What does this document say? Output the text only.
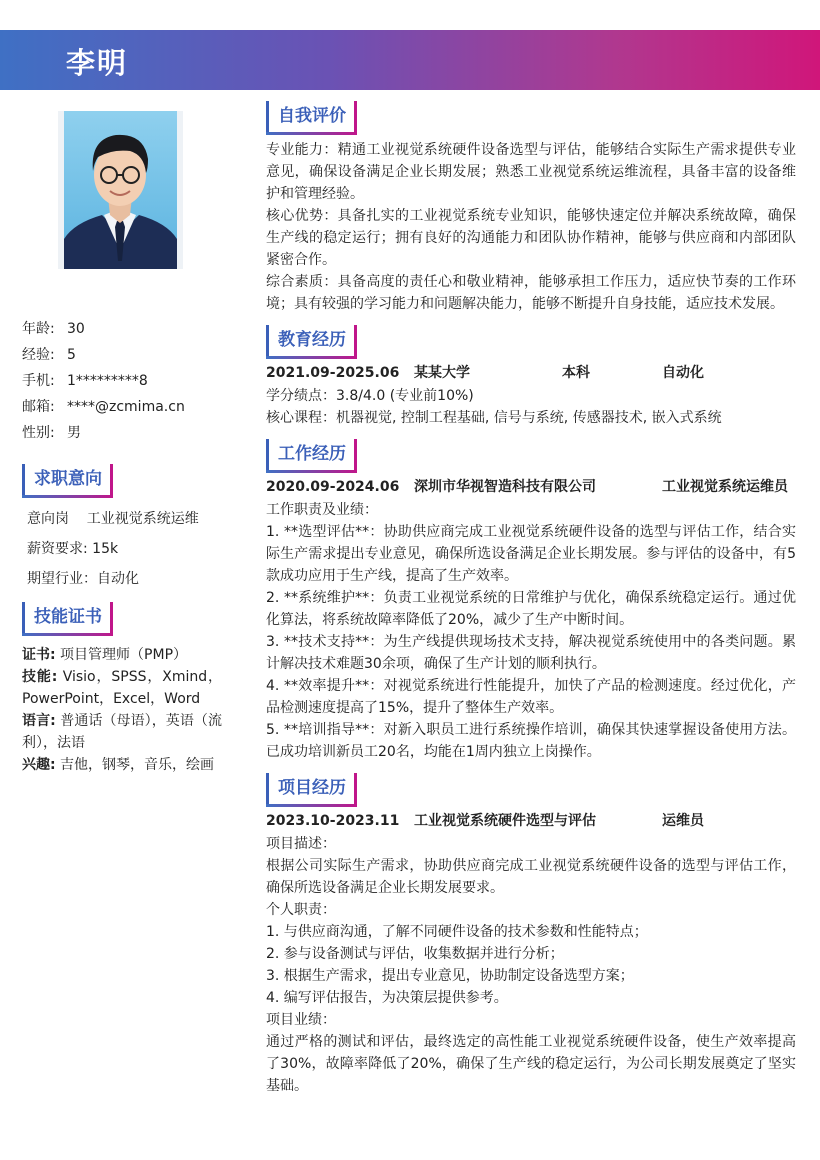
李明
年龄: 30
经验: 5
手机: 1*********8
邮箱: ****@zcmima.cn
性别: 男
求职意向
意向岗    工业视觉系统运维
薪资要求: 15k
期望行业：自动化
技能证书
证书: 项目管理师（PMP）
技能: Visio，SPSS，Xmind，PowerPoint，Excel，Word
语言: 普通话（母语），英语（流利），法语
兴趣: 吉他，钢琴，音乐，绘画
自我评价
专业能力：精通工业视觉系统硬件设备选型与评估，能够结合实际生产需求提供专业意见，确保设备满足企业长期发展；熟悉工业视觉系统运维流程，具备丰富的设备维护和管理经验。
核心优势：具备扎实的工业视觉系统专业知识，能够快速定位并解决系统故障，确保生产线的稳定运行；拥有良好的沟通能力和团队协作精神，能够与供应商和内部团队紧密合作。
综合素质：具备高度的责任心和敬业精神，能够承担工作压力，适应快节奏的工作环境；具有较强的学习能力和问题解决能力，能够不断提升自身技能，适应技术发展。
教育经历
2021.09-2025.06 某某大学	本科	自动化
学分绩点：3.8/4.0 (专业前10%)
核心课程：机器视觉, 控制工程基础, 信号与系统, 传感器技术, 嵌入式系统
工作经历
2020.09-2024.06 深圳市华视智造科技有限公司	工业视觉系统运维员
工作职责及业绩：
1. **选型评估**：协助供应商完成工业视觉系统硬件设备的选型与评估工作，结合实际生产需求提出专业意见，确保所选设备满足企业长期发展。参与评估的设备中，有5款成功应用于生产线，提高了生产效率。
2. **系统维护**：负责工业视觉系统的日常维护与优化，确保系统稳定运行。通过优化算法，将系统故障率降低了20%，减少了生产中断时间。
3. **技术支持**：为生产线提供现场技术支持，解决视觉系统使用中的各类问题。累计解决技术难题30余项，确保了生产计划的顺利执行。
4. **效率提升**：对视觉系统进行性能提升，加快了产品的检测速度。经过优化，产品检测速度提高了15%，提升了整体生产效率。
5. **培训指导**：对新入职员工进行系统操作培训，确保其快速掌握设备使用方法。已成功培训新员工20名，均能在1周内独立上岗操作。
项目经历
2023.10-2023.11 工业视觉系统硬件选型与评估	运维员
项目描述：
根据公司实际生产需求，协助供应商完成工业视觉系统硬件设备的选型与评估工作，确保所选设备满足企业长期发展要求。
个人职责：
1. 与供应商沟通，了解不同硬件设备的技术参数和性能特点；
2. 参与设备测试与评估，收集数据并进行分析；
3. 根据生产需求，提出专业意见，协助制定设备选型方案；
4. 编写评估报告，为决策层提供参考。
项目业绩：
通过严格的测试和评估，最终选定的高性能工业视觉系统硬件设备，使生产效率提高了30%，故障率降低了20%，确保了生产线的稳定运行，为公司长期发展奠定了坚实基础。
